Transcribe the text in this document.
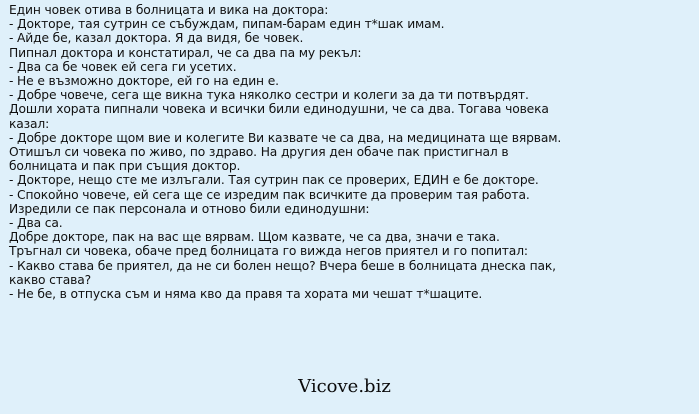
Един човек отива в болницата и вика на доктора:
- Докторе, тая сутрин се събуждам, пипам-барам един т*шак имам.
- Айде бе, казал доктора. Я да видя, бе човек.
Пипнал доктора и констатирал, че са два па му рекъл:
- Два са бе човек ей сега ги усетих.
- Не е възможно докторе, ей го на един е.
- Добре човече, сега ще викна тука няколко сестри и колеги за да ти потвърдят.
Дошли хората пипнали човека и всички били единодушни, че са два. Тогава човека
казал:
- Добре докторе щом вие и колегите Ви казвате че са два, на медицината ще вярвам.
Отишъл си човека по живо, по здраво. На другия ден обаче пак пристигнал в
болницата и пак при същия доктор.
- Докторе, нещо сте ме излъгали. Тая сутрин пак се проверих, ЕДИН е бе докторе.
- Спокойно човече, ей сега ще се изредим пак всичките да проверим тая работа.
Изредили се пак персонала и отново били единодушни:
- Два са.
Добре докторе, пак на вас ще вярвам. Щом казвате, че са два, значи е така.
Тръгнал си човека, обаче пред болницата го вижда негов приятел и го попитал:
- Какво става бе приятел, да не си болен нещо? Вчера беше в болницата днеска пак,
какво става?
- Не бе, в отпуска съм и няма кво да правя та хората ми чешат т*шаците.
Vicove.biz
